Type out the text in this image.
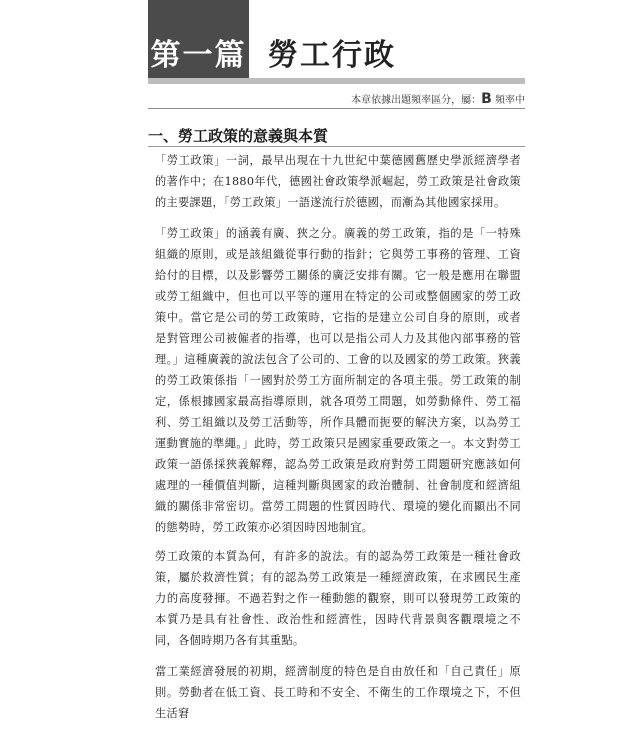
第一篇 勞工行政
本章依據出題頻率區分，屬：B 頻率中
一、勞工政策的意義與本質

「勞工政策」一詞，最早出現在十九世紀中葉德國舊歷史學派經濟學者的著作中；在1880年代，德國社會政策學派崛起，勞工政策是社會政策的主要課題，「勞工政策」一語遂流行於德國，而漸為其他國家採用。

「勞工政策」的涵義有廣、狹之分。廣義的勞工政策，指的是「一特殊組織的原則，或是該組織從事行動的指針；它與勞工事務的管理、工資給付的目標，以及影響勞工關係的廣泛安排有關。它一般是應用在聯盟或勞工組織中，但也可以平等的運用在特定的公司或整個國家的勞工政策中。當它是公司的勞工政策時，它指的是建立公司自身的原則，或者是對管理公司被僱者的指導，也可以是指公司人力及其他內部事務的管理。」這種廣義的說法包含了公司的、工會的以及國家的勞工政策。狹義的勞工政策係指「一國對於勞工方面所制定的各項主張。勞工政策的制定，係根據國家最高指導原則，就各項勞工問題，如勞動條件、勞工福利、勞工組織以及勞工活動等，所作具體而扼要的解決方案，以為勞工運動實施的準繩。」此時，勞工政策只是國家重要政策之一。本文對勞工政策一語係採狹義解釋，認為勞工政策是政府對勞工問題研究應該如何處理的一種價值判斷，這種判斷與國家的政治體制、社會制度和經濟組織的關係非常密切。當勞工問題的性質因時代、環境的變化而顯出不同的態勢時，勞工政策亦必須因時因地制宜。

勞工政策的本質為何，有許多的說法。有的認為勞工政策是一種社會政策，屬於救濟性質；有的認為勞工政策是一種經濟政策，在求國民生產力的高度發揮。不過若對之作一種動態的觀察，則可以發現勞工政策的本質乃是具有社會性、政治性和經濟性，因時代背景與客觀環境之不同，各個時期乃各有其重點。

當工業經濟發展的初期，經濟制度的特色是自由放任和「自己責任」原則。勞動者在低工資、長工時和不安全、不衛生的工作環境之下，不但生活窘
